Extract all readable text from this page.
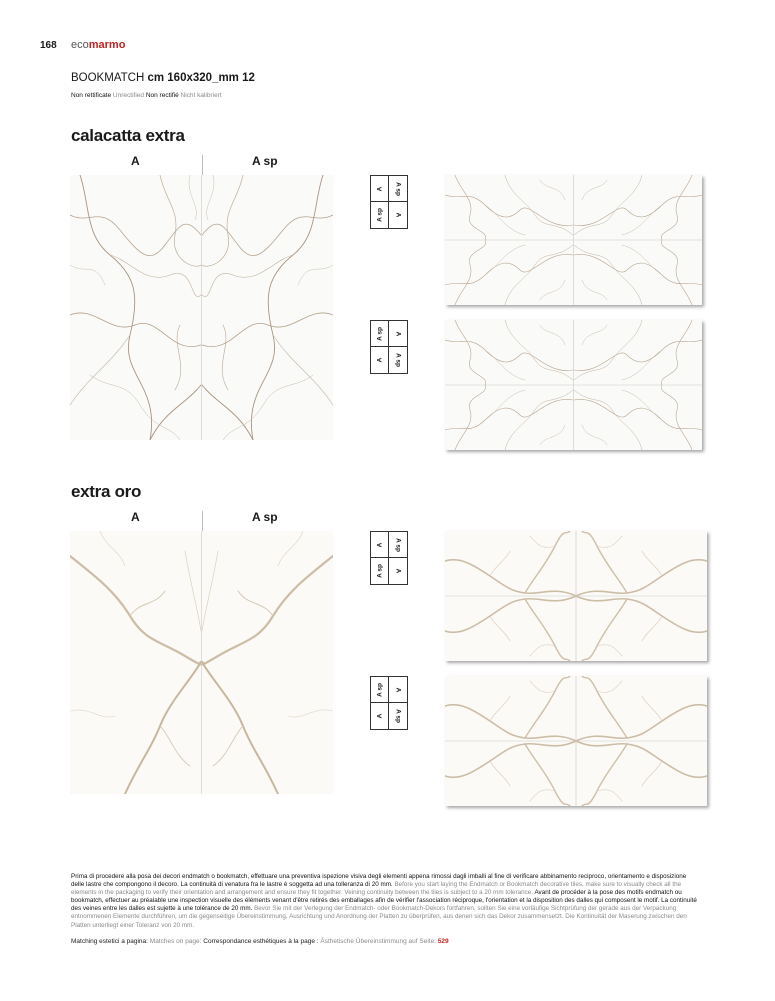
168 ecomarmo
BOOKMATCH cm 160x320_mm 12
Non rettificate Unrectified Non rectifié Nicht kalibriert
calacatta extra
A	A sp
A A sp
A sp A
A sp A
A A sp
extra oro
A	A sp
A A sp
A sp A
A sp A
A A sp
Prima di procedere alla posa dei decori endmatch o bookmatch, effettuare una preventiva ispezione visiva degli elementi appena rimossi dagli imballi al fine di verificare abbinamento reciproco, orientamento e disposizione delle lastre che compongono il decoro. La continuità di venatura fra le lastre è soggetta ad una tolleranza di 20 mm. Before you start laying the Endmatch or Bookmatch decorative tiles, make sure to visually check all the elements in the packaging to verify their orientation and arrangement and ensure they fit together. Veining continuity between the tiles is subject to a 20 mm tolerance. Avant de procéder à la pose des motifs endmatch ou bookmatch, effectuer au préalable une inspection visuelle des éléments venant d'être retirés des emballages afin de vérifier l'association réciproque, l'orientation et la disposition des dalles qui composent le motif. La continuité des veines entre les dalles est sujette à une tolérance de 20 mm. Bevor Sie mit der Verlegung der Endmatch- oder Bookmatch-Dekors fortfahren, sollten Sie eine vorläufige Sichtprüfung der gerade aus der Verpackung entnommenen Elemente durchführen, um die gegenseitige Übereinstimmung, Ausrichtung und Anordnung der Platten zu überprüfen, aus denen sich das Dekor zusammensetzt. Die Kontinuität der Maserung zwischen den Platten unterliegt einer Toleranz von 20 mm.
Matching estetici a pagina: Matches on page: Correspondance esthétiques à la page : Ästhetische Übereinstimmung auf Seite: 529
